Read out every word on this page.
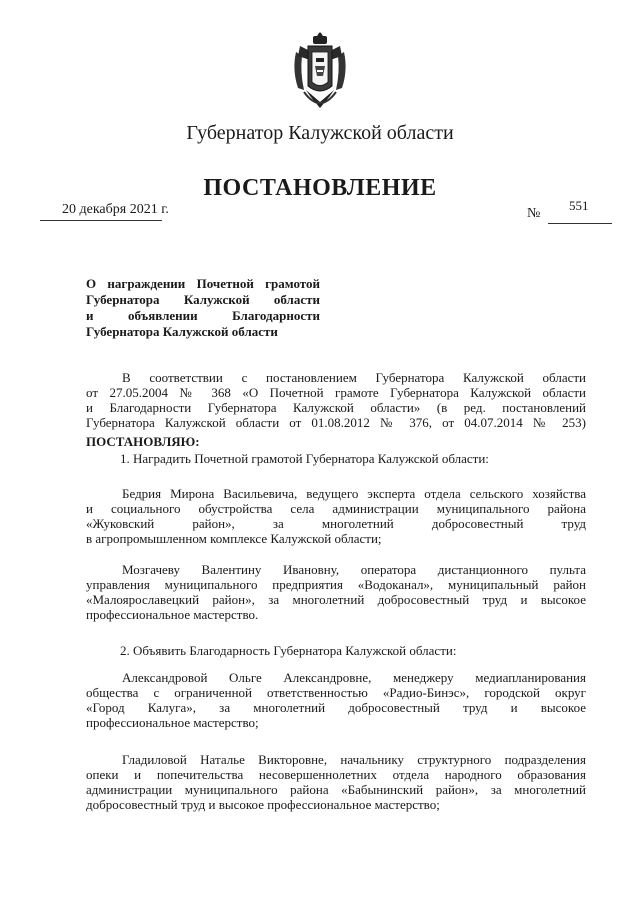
Губернатор Калужской области
ПОСТАНОВЛЕНИЕ
20 декабря 2021 г.	№
551
О награждении Почетной грамотой
Губернатора Калужской области
и объявлении Благодарности
Губернатора Калужской области
В соответствии с постановлением Губернатора Калужской области
от 27.05.2004 № 368 «О Почетной грамоте Губернатора Калужской области
и Благодарности Губернатора Калужской области» (в ред. постановлений
Губернатора Калужской области от 01.08.2012 № 376, от 04.07.2014 № 253)
ПОСТАНОВЛЯЮ:
1. Наградить Почетной грамотой Губернатора Калужской области:
Бедрия Мирона Васильевича, ведущего эксперта отдела сельского хозяйства
и социального обустройства села администрации муниципального района
«Жуковский район», за многолетний добросовестный труд
в агропромышленном комплексе Калужской области;
Мозгачеву Валентину Ивановну, оператора дистанционного пульта
управления муниципального предприятия «Водоканал», муниципальный район
«Малоярославецкий район», за многолетний добросовестный труд и высокое
профессиональное мастерство.
2. Объявить Благодарность Губернатора Калужской области:
Александровой Ольге Александровне, менеджеру медиапланирования
общества с ограниченной ответственностью «Радио-Бинэс», городской округ
«Город Калуга», за многолетний добросовестный труд и высокое
профессиональное мастерство;
Гладиловой Наталье Викторовне, начальнику структурного подразделения
опеки и попечительства несовершеннолетних отдела народного образования
администрации муниципального района «Бабынинский район», за многолетний
добросовестный труд и высокое профессиональное мастерство;
